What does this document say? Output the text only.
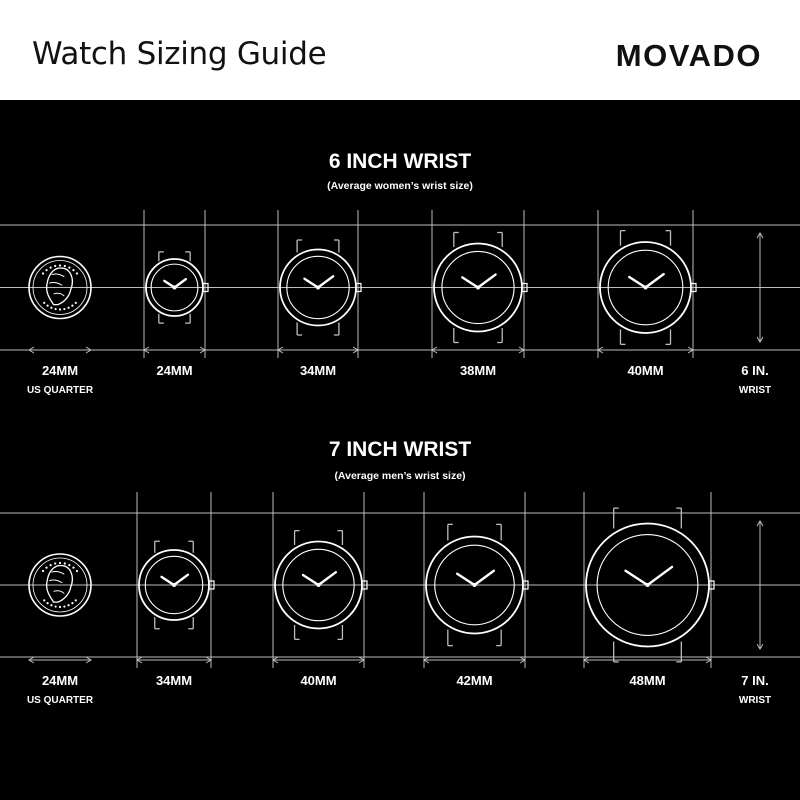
Watch Sizing Guide	MOVADO
6 INCH WRIST
(Average women’s wrist size)
24MM
US QUARTER
24MM	34MM	38MM	40MM	6 IN.
WRIST
7 INCH WRIST
(Average men’s wrist size)
24MM
US QUARTER
34MM	40MM	42MM	48MM	7 IN.
WRIST
